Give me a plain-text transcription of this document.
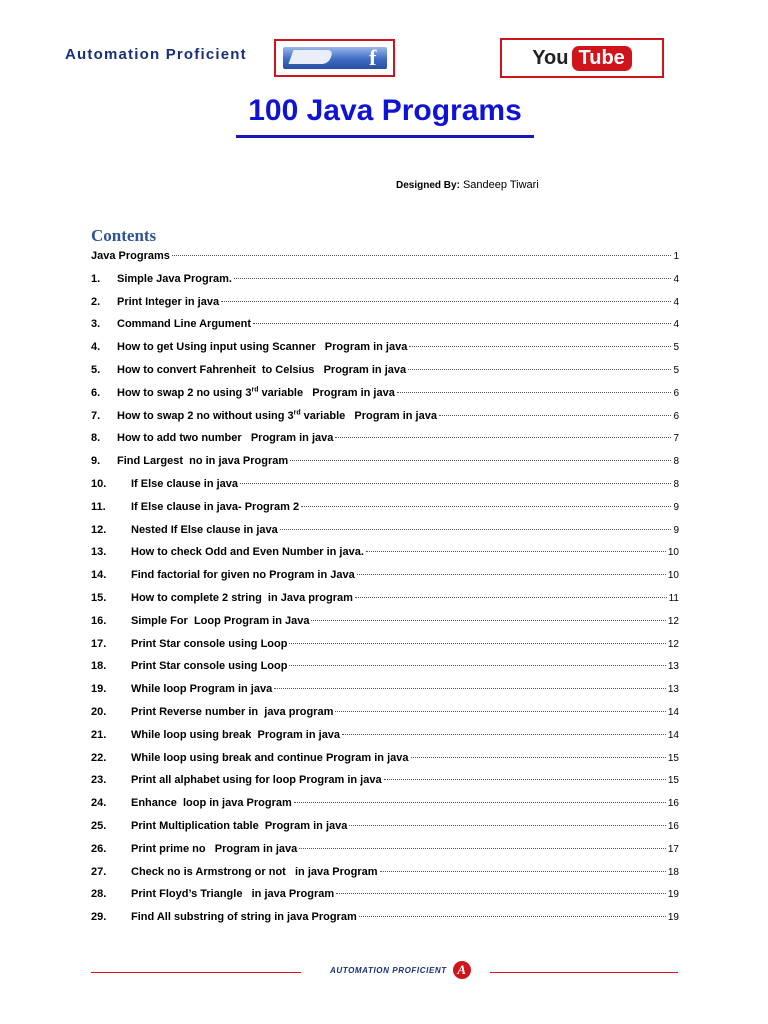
Automation Proficient	f	You Tube
100 Java Programs
Designed By: Sandeep Tiwari
Contents
Java Programs	1
1.	Simple Java Program.	4
2.	Print Integer in java	4
3.	Command Line Argument	4
4.	How to get Using input using Scanner   Program in java	5
5.	How to convert Fahrenheit  to Celsius   Program in java	5
6.	How to swap 2 no using 3rd variable   Program in java	6
7.	How to swap 2 no without using 3rd variable   Program in java	6
8.	How to add two number   Program in java	7
9.	Find Largest  no in java Program	8
10.	If Else clause in java	8
11.	If Else clause in java- Program 2	9
12.	Nested If Else clause in java	9
13.	How to check Odd and Even Number in java.	10
14.	Find factorial for given no Program in Java	10
15.	How to complete 2 string  in Java program	11
16.	Simple For  Loop Program in Java	12
17.	Print Star console using Loop	12
18.	Print Star console using Loop	13
19.	While loop Program in java	13
20.	Print Reverse number in  java program	14
21.	While loop using break  Program in java	14
22.	While loop using break and continue Program in java	15
23.	Print all alphabet using for loop Program in java	15
24.	Enhance  loop in java Program	16
25.	Print Multiplication table  Program in java	16
26.	Print prime no   Program in java	17
27.	Check no is Armstrong or not   in java Program	18
28.	Print Floyd’s Triangle   in java Program	19
29.	Find All substring of string in java Program	19
AUTOMATION PROFICIENT A
